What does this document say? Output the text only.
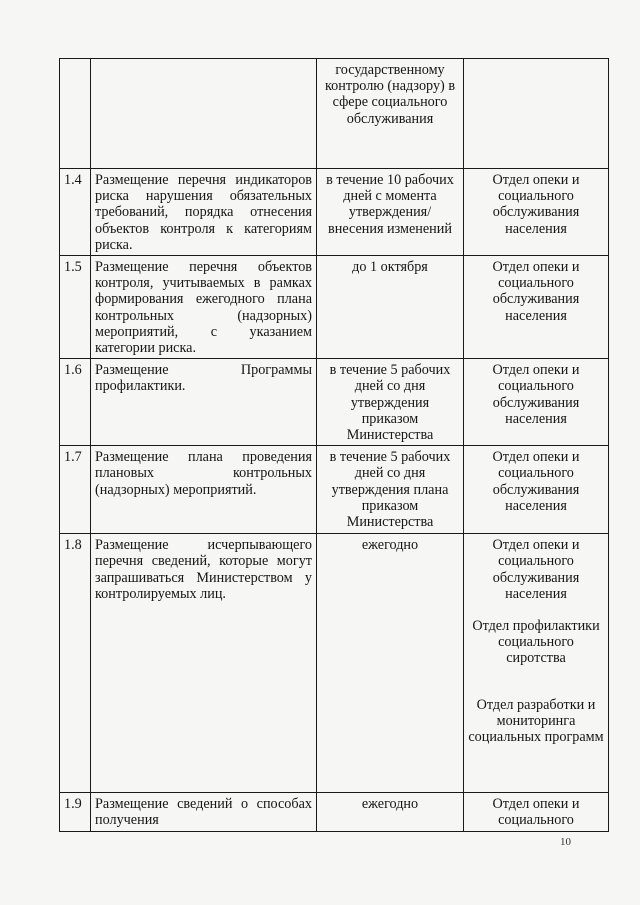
		государственному контролю (надзору) в сфере социального обслуживания	

1.4	Размещение перечня индикаторов риска нарушения обязательных требований, порядка отнесения объектов контроля к категориям риска.	в течение 10 рабочих дней с момента утверждения/ внесения изменений	Отдел опеки и социального обслуживания населения

1.5	Размещение перечня объектов контроля, учитываемых в рамках формирования ежегодного плана контрольных (надзорных) мероприятий, с указанием категории риска.	до 1 октября	Отдел опеки и социального обслуживания населения

1.6	Размещение Программы профилактики.	в течение 5 рабочих дней со дня утверждения приказом Министерства	Отдел опеки и социального обслуживания населения

1.7	Размещение плана проведения плановых контрольных (надзорных) мероприятий.	в течение 5 рабочих дней со дня утверждения плана приказом Министерства	Отдел опеки и социального обслуживания населения

1.8	Размещение исчерпывающего перечня сведений, которые могут запрашиваться Министерством у контролируемых лиц.	ежегодно	Отдел опеки и социального обслуживания населения
Отдел профилактики социального сиротства
Отдел разработки и мониторинга социальных программ

1.9	Размещение сведений о способах получения	ежегодно	Отдел опеки и социального
10
